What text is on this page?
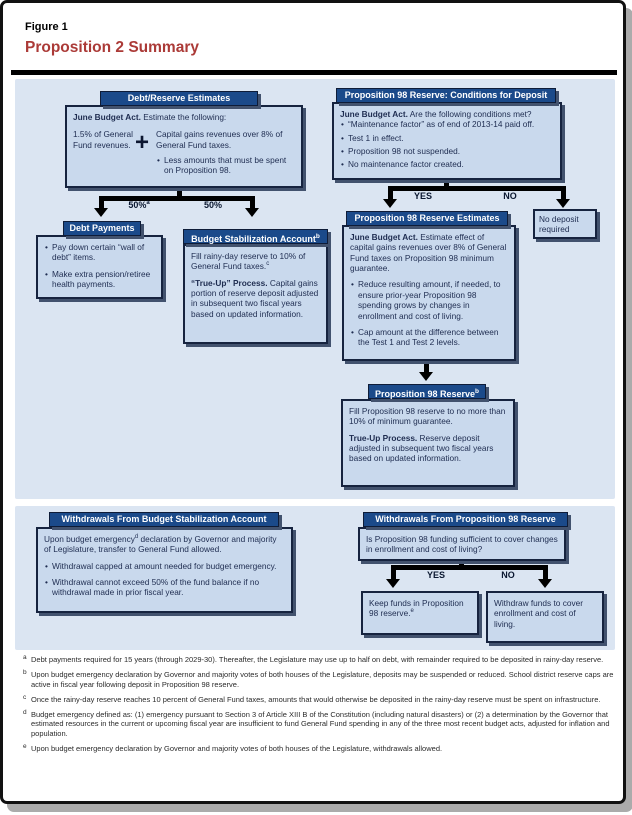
Figure 1
Proposition 2 Summary
Debt/Reserve Estimates

June Budget Act. Estimate the following:

1.5% of General Fund revenues. + Capital gains revenues over 8% of General Fund taxes.
• Less amounts that must be spent on Proposition 98.
50%$^a$	50%
Debt Payments

• Pay down certain “wall of debt” items.

• Make extra pension/retiree health payments.

Budget Stabilization Account$^b$

Fill rainy-day reserve to 10% of General Fund taxes.$^c$

“True-Up” Process. Capital gains portion of reserve deposit adjusted in subsequent two fiscal years based on updated information.

Proposition 98 Reserve: Conditions for Deposit

June Budget Act. Are the following conditions met?

• “Maintenance factor” as of end of 2013-14 paid off.

• Test 1 in effect.

• Proposition 98 not suspended.

• No maintenance factor created.

YES	NO
No deposit required
Proposition 98 Reserve Estimates

June Budget Act. Estimate effect of capital gains revenues over 8% of General Fund taxes on Proposition 98 minimum guarantee.

• Reduce resulting amount, if needed, to ensure prior-year Proposition 98 spending grows by changes in enrollment and cost of living.

• Cap amount at the difference between the Test 1 and Test 2 levels.

Proposition 98 Reserve$^b$

Fill Proposition 98 reserve to no more than 10% of minimum guarantee.

True-Up Process. Reserve deposit adjusted in subsequent two fiscal years based on updated information.

Withdrawals From Budget Stabilization Account

Upon budget emergency$^d$ declaration by Governor and majority of Legislature, transfer to General Fund allowed.

• Withdrawal capped at amount needed for budget emergency.

• Withdrawal cannot exceed 50% of the fund balance if no withdrawal made in prior fiscal year.

Withdrawals From Proposition 98 Reserve
Is Proposition 98 funding sufficient to cover changes in enrollment and cost of living?
YES	NO

Keep funds in Proposition 98 reserve.$^e$

Withdraw funds to cover enrollment and cost of living.
a Debt payments required for 15 years (through 2029-30). Thereafter, the Legislature may use up to half on debt, with remainder required to be deposited in rainy-day reserve.
b Upon budget emergency declaration by Governor and majority votes of both houses of the Legislature, deposits may be suspended or reduced. School district reserve caps are active in fiscal year following deposit in Proposition 98 reserve.
c Once the rainy-day reserve reaches 10 percent of General Fund taxes, amounts that would otherwise be deposited in the rainy-day reserve must be spent on infrastructure.
d Budget emergency defined as: (1) emergency pursuant to Section 3 of Article XIII B of the Constitution (including natural disasters) or (2) a determination by the Governor that estimated resources in the current or upcoming fiscal year are insufficient to fund General Fund spending in any of the three most recent budget acts, adjusted for inflation and population.
e Upon budget emergency declaration by Governor and majority votes of both houses of the Legislature, withdrawals allowed.
